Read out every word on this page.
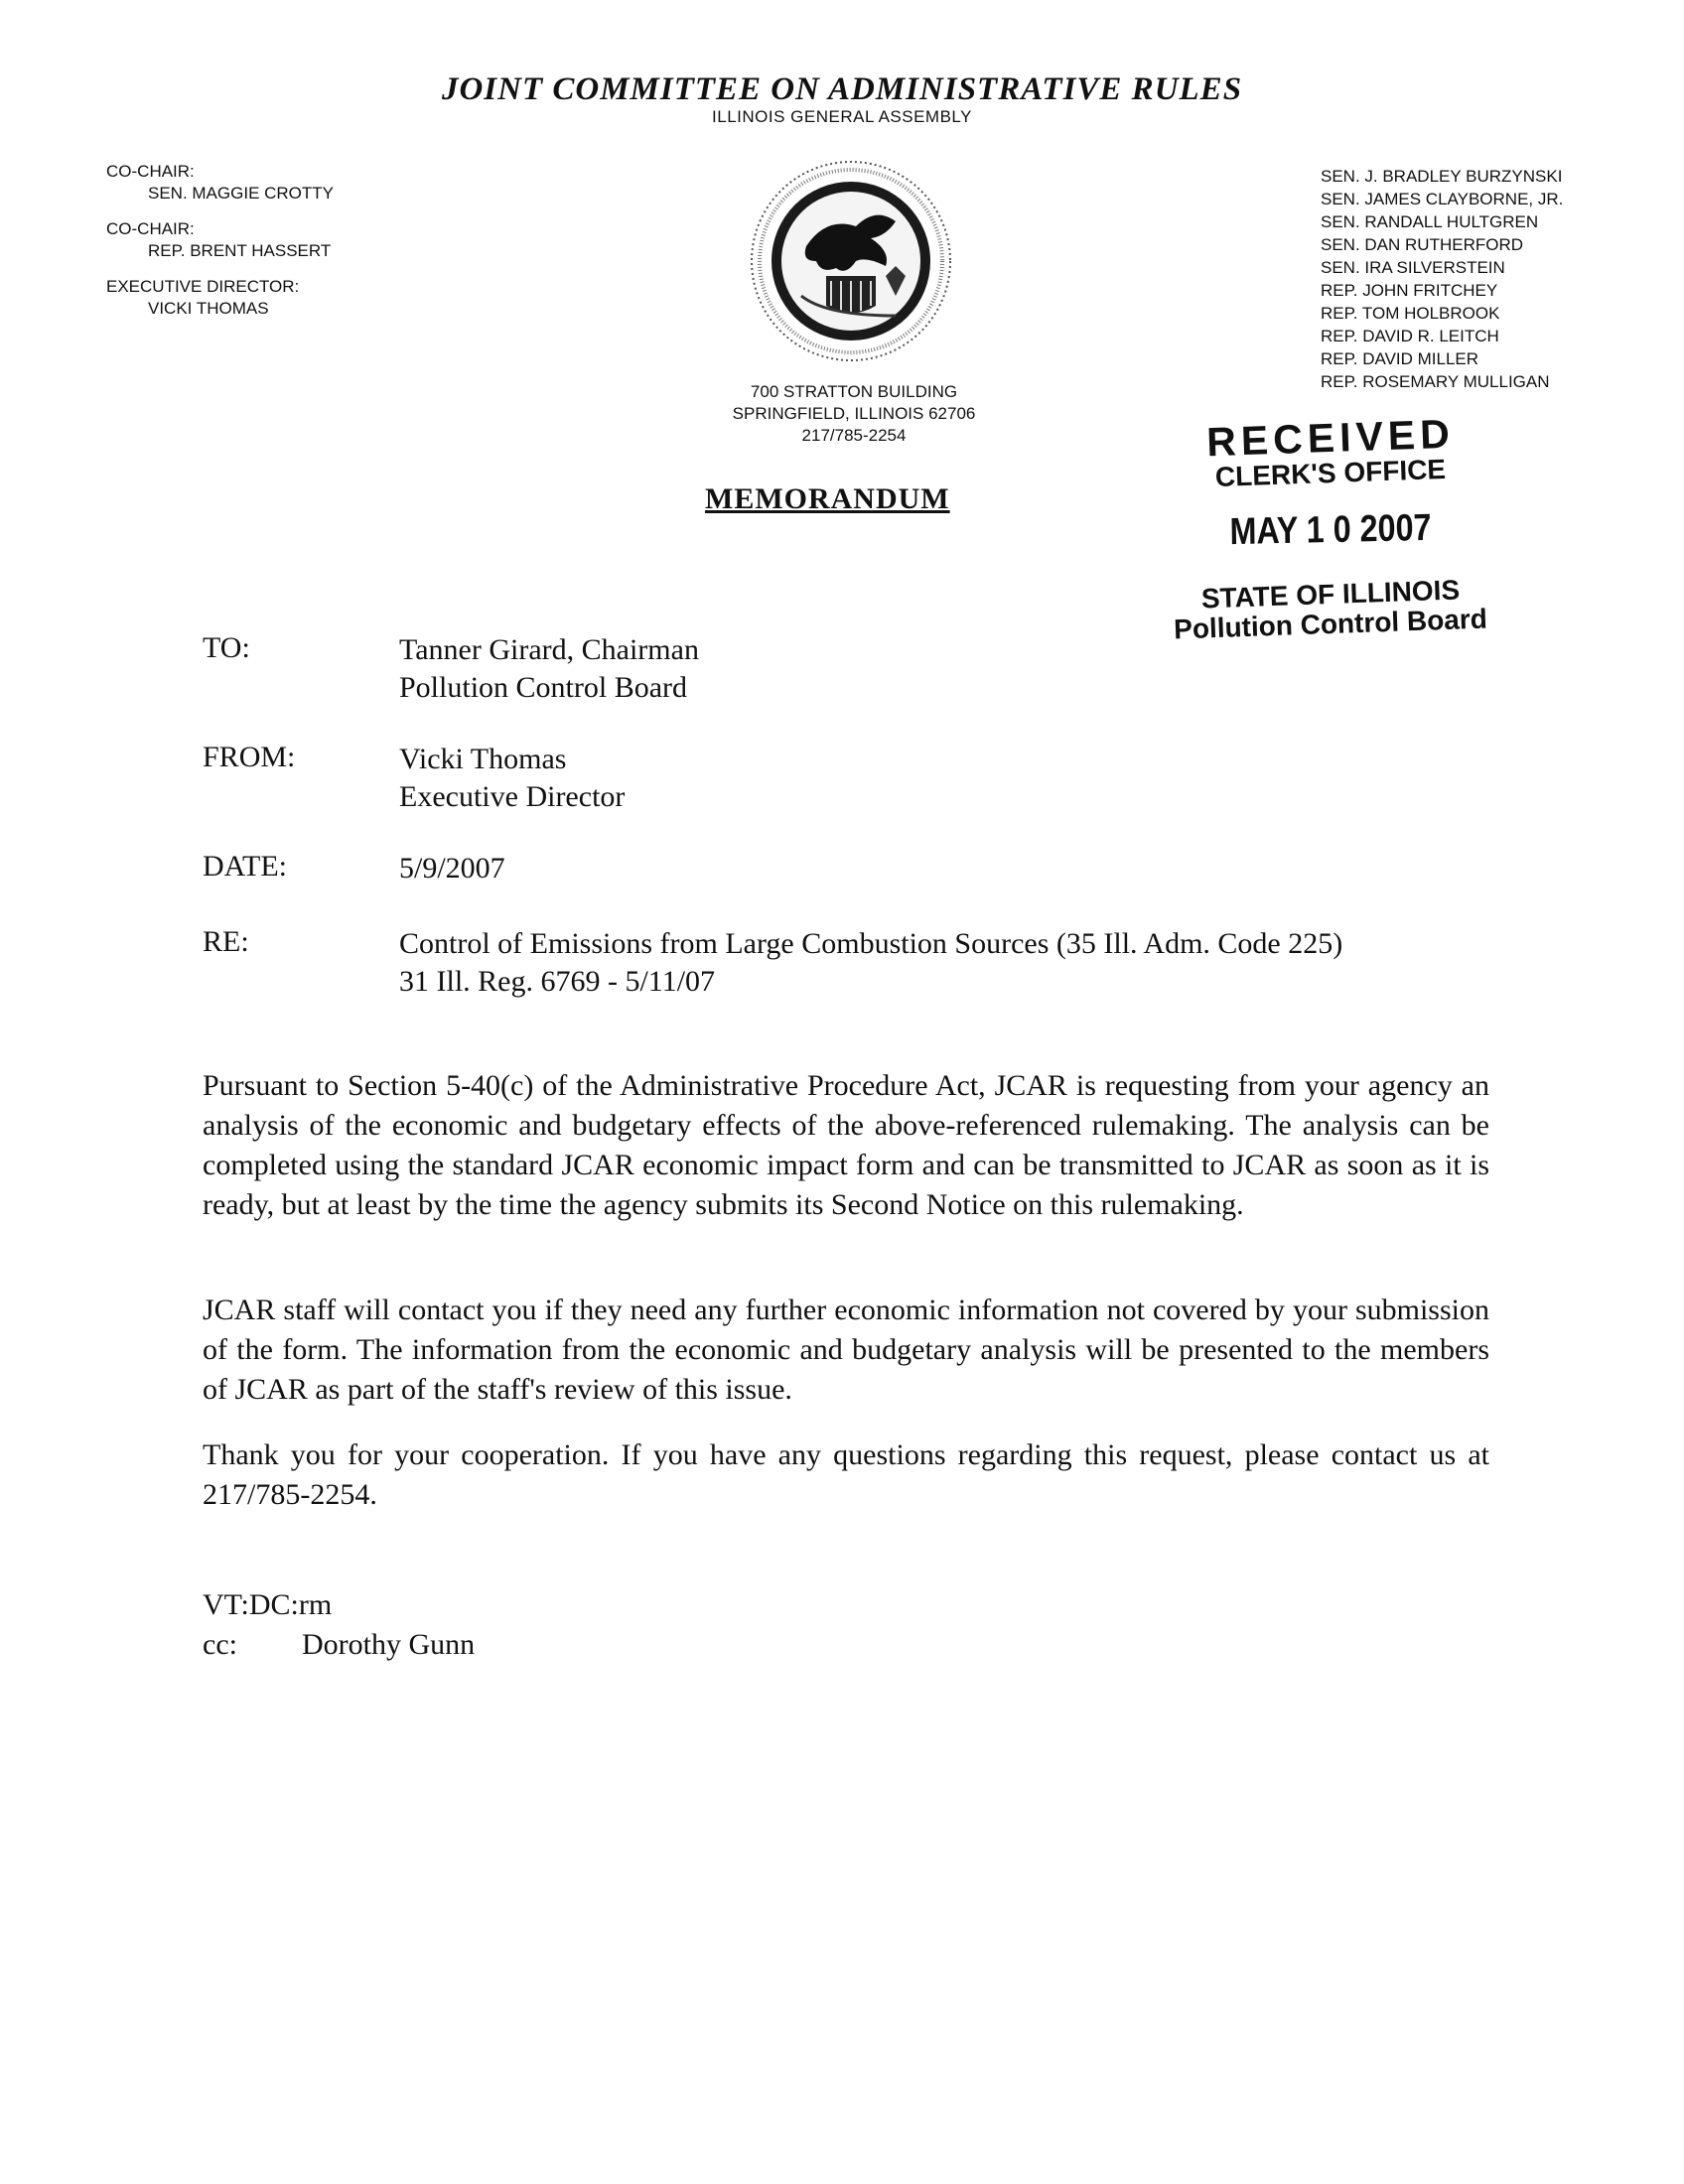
JOINT COMMITTEE ON ADMINISTRATIVE RULES
ILLINOIS GENERAL ASSEMBLY

CO-CHAIR:

SEN. MAGGIE CROTTY

CO-CHAIR:

REP. BRENT HASSERT

EXECUTIVE DIRECTOR:

VICKI THOMAS

700 STRATTON BUILDING
SPRINGFIELD, ILLINOIS 62706
217/785-2254
SEN. J. BRADLEY BURZYNSKI
SEN. JAMES CLAYBORNE, JR.
SEN. RANDALL HULTGREN
SEN. DAN RUTHERFORD
SEN. IRA SILVERSTEIN
REP. JOHN FRITCHEY
REP. TOM HOLBROOK
REP. DAVID R. LEITCH
REP. DAVID MILLER
REP. ROSEMARY MULLIGAN
RECEIVED
CLERK'S OFFICE
MAY 1 0 2007
STATE OF ILLINOIS
Pollution Control Board
MEMORANDUM
TO:	Tanner Girard, Chairman
Pollution Control Board
FROM:	Vicki Thomas
Executive Director
DATE:	5/9/2007
RE:	Control of Emissions from Large Combustion Sources (35 Ill. Adm. Code 225)
31 Ill. Reg. 6769 - 5/11/07
Pursuant to Section 5-40(c) of the Administrative Procedure Act, JCAR is requesting from your agency an analysis of the economic and budgetary effects of the above-referenced rulemaking. The analysis can be completed using the standard JCAR economic impact form and can be transmitted to JCAR as soon as it is ready, but at least by the time the agency submits its Second Notice on this rulemaking.
JCAR staff will contact you if they need any further economic information not covered by your submission of the form. The information from the economic and budgetary analysis will be presented to the members of JCAR as part of the staff's review of this issue.
Thank you for your cooperation. If you have any questions regarding this request, please contact us at 217/785-2254.
VT:DC:rm
cc: Dorothy Gunn
